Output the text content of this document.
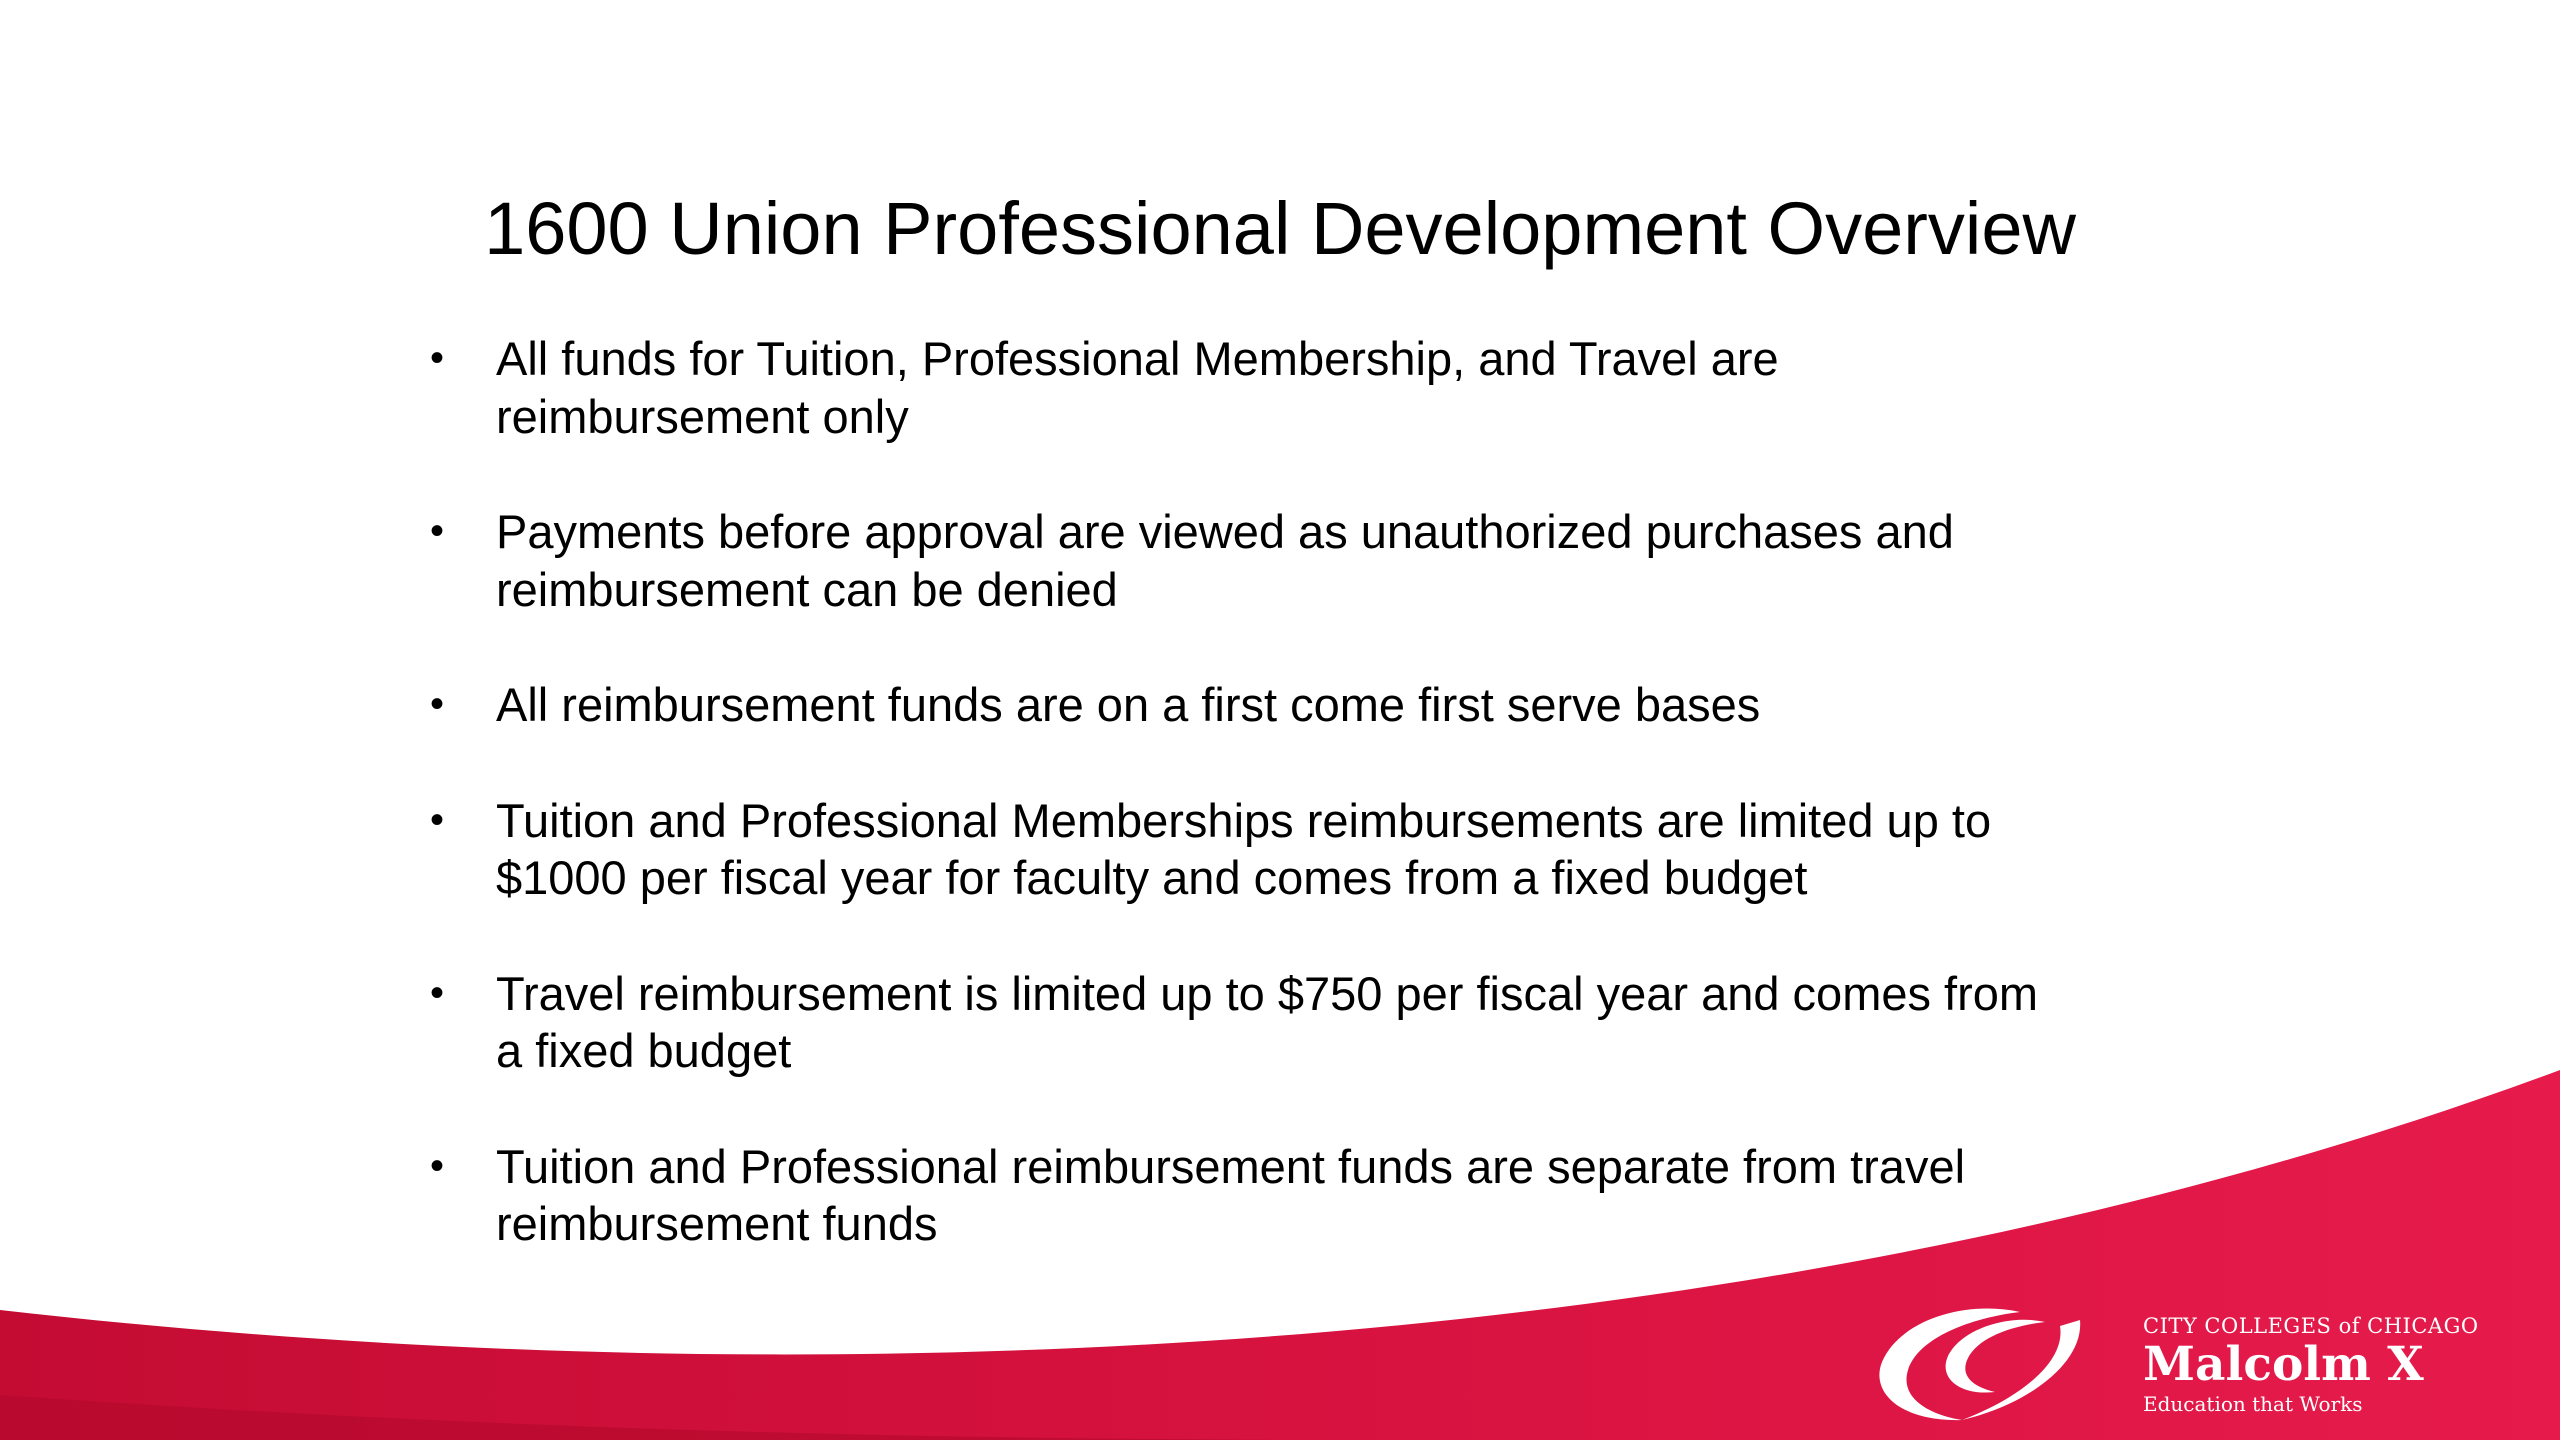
1600 Union Professional Development Overview
• All funds for Tuition, Professional Membership, and Travel are
reimbursement only
• Payments before approval are viewed as unauthorized purchases and
reimbursement can be denied
• All reimbursement funds are on a first come first serve bases
• Tuition and Professional Memberships reimbursements are limited up to
$1000 per fiscal year for faculty and comes from a fixed budget
• Travel reimbursement is limited up to $750 per fiscal year and comes from
a fixed budget
• Tuition and Professional reimbursement funds are separate from travel
reimbursement funds
CITY COLLEGES of CHICAGO
Malcolm X
Education that Works
